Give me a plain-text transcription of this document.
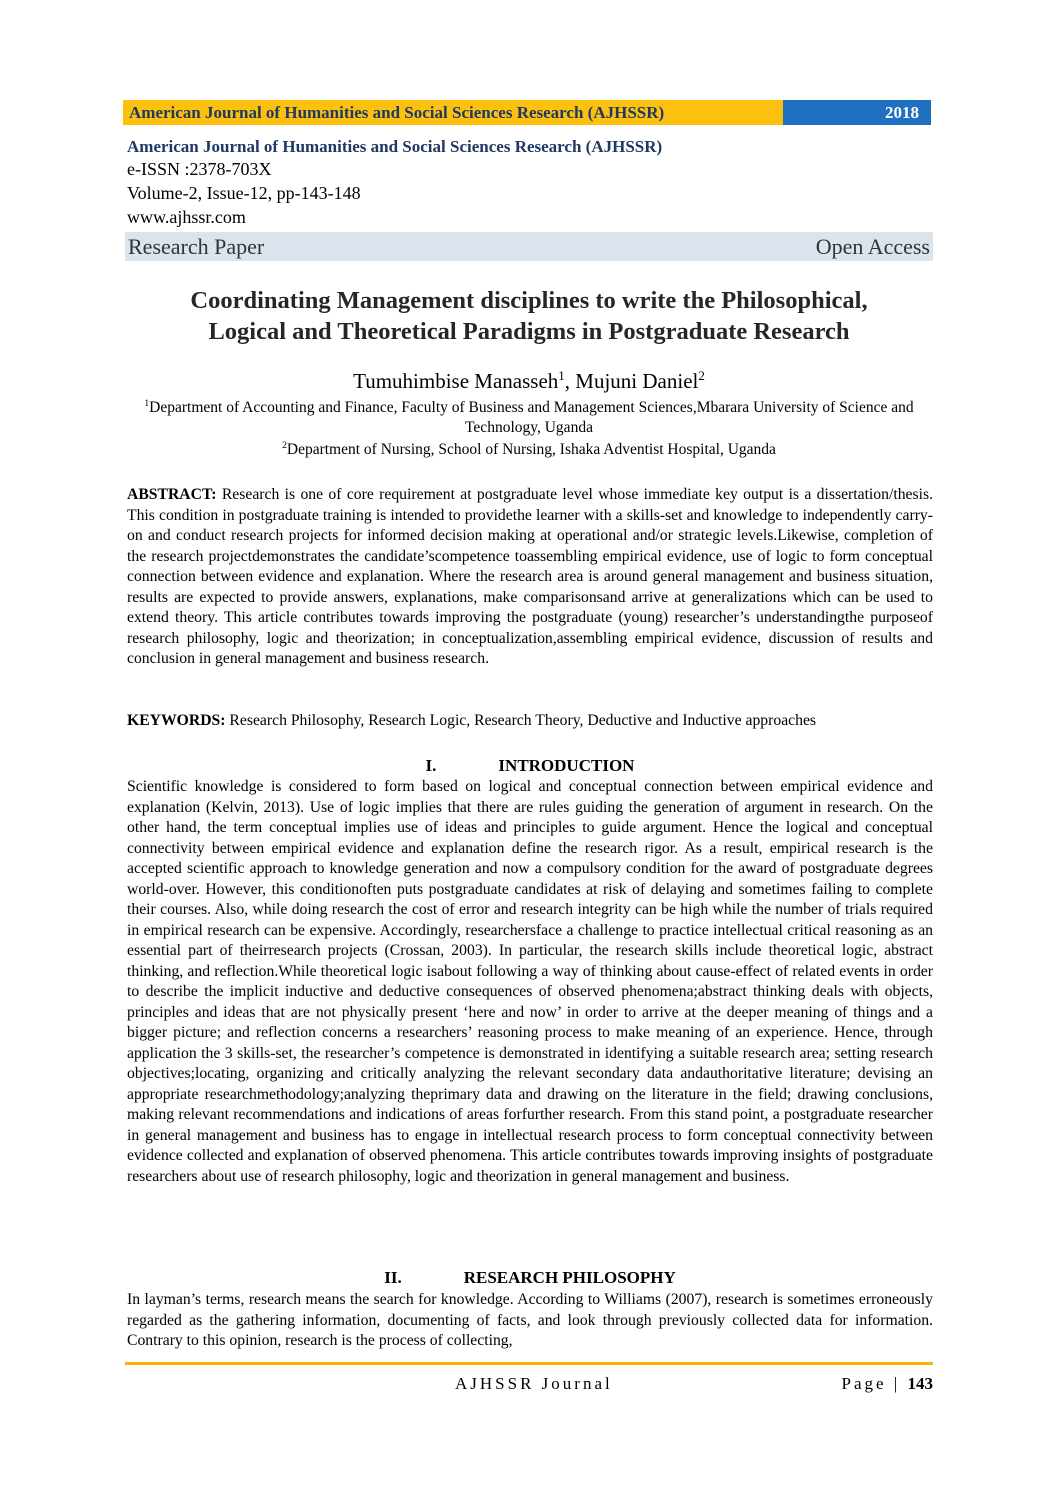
American Journal of Humanities and Social Sciences Research (AJHSSR)	2018
American Journal of Humanities and Social Sciences Research (AJHSSR)
e-ISSN :2378-703X
Volume-2, Issue-12, pp-143-148
www.ajhssr.com
Research Paper	Open Access
Coordinating Management disciplines to write the Philosophical,
Logical and Theoretical Paradigms in Postgraduate Research
Tumuhimbise Manasseh$^1$, Mujuni Daniel$^2$
$^1$Department of Accounting and Finance, Faculty of Business and Management Sciences,Mbarara University of Science and Technology, Uganda
$^2$Department of Nursing, School of Nursing, Ishaka Adventist Hospital, Uganda
ABSTRACT: Research is one of core requirement at postgraduate level whose immediate key output is a dissertation/thesis. This condition in postgraduate training is intended to providethe learner with a skills-set and knowledge to independently carry-on and conduct research projects for informed decision making at operational and/or strategic levels.Likewise, completion of the research projectdemonstrates the candidate’scompetence toassembling empirical evidence, use of logic to form conceptual connection between evidence and explanation. Where the research area is around general management and business situation, results are expected to provide answers, explanations, make comparisonsand arrive at generalizations which can be used to extend theory. This article contributes towards improving the postgraduate (young) researcher’s understandingthe purposeof research philosophy, logic and theorization; in conceptualization,assembling empirical evidence, discussion of results and conclusion in general management and business research.
KEYWORDS: Research Philosophy, Research Logic, Research Theory, Deductive and Inductive approaches
I.	INTRODUCTION
Scientific knowledge is considered to form based on logical and conceptual connection between empirical evidence and explanation (Kelvin, 2013). Use of logic implies that there are rules guiding the generation of argument in research. On the other hand, the term conceptual implies use of ideas and principles to guide argument. Hence the logical and conceptual connectivity between empirical evidence and explanation define the research rigor. As a result, empirical research is the accepted scientific approach to knowledge generation and now a compulsory condition for the award of postgraduate degrees world-over. However, this conditionoften puts postgraduate candidates at risk of delaying and sometimes failing to complete their courses. Also, while doing research the cost of error and research integrity can be high while the number of trials required in empirical research can be expensive. Accordingly, researchersface a challenge to practice intellectual critical reasoning as an essential part of theirresearch projects (Crossan, 2003). In particular, the research skills include theoretical logic, abstract thinking, and reflection.While theoretical logic isabout following a way of thinking about cause-effect of related events in order to describe the implicit inductive and deductive consequences of observed phenomena;abstract thinking deals with objects, principles and ideas that are not physically present ‘here and now’ in order to arrive at the deeper meaning of things and a bigger picture; and reflection concerns a researchers’ reasoning process to make meaning of an experience. Hence, through application the 3 skills-set, the researcher’s competence is demonstrated in identifying a suitable research area; setting research objectives;locating, organizing and critically analyzing the relevant secondary data andauthoritative literature; devising an appropriate researchmethodology;analyzing theprimary data and drawing on the literature in the field; drawing conclusions, making relevant recommendations and indications of areas forfurther research. From this stand point, a postgraduate researcher in general management and business has to engage in intellectual research process to form conceptual connectivity between evidence collected and explanation of observed phenomena. This article contributes towards improving insights of postgraduate researchers about use of research philosophy, logic and theorization in general management and business.
II.	RESEARCH PHILOSOPHY
In layman’s terms, research means the search for knowledge. According to Williams (2007), research is sometimes erroneously regarded as the gathering information, documenting of facts, and look through previously collected data for information. Contrary to this opinion, research is the process of collecting,
AJHSSR Journal	Page | 143
